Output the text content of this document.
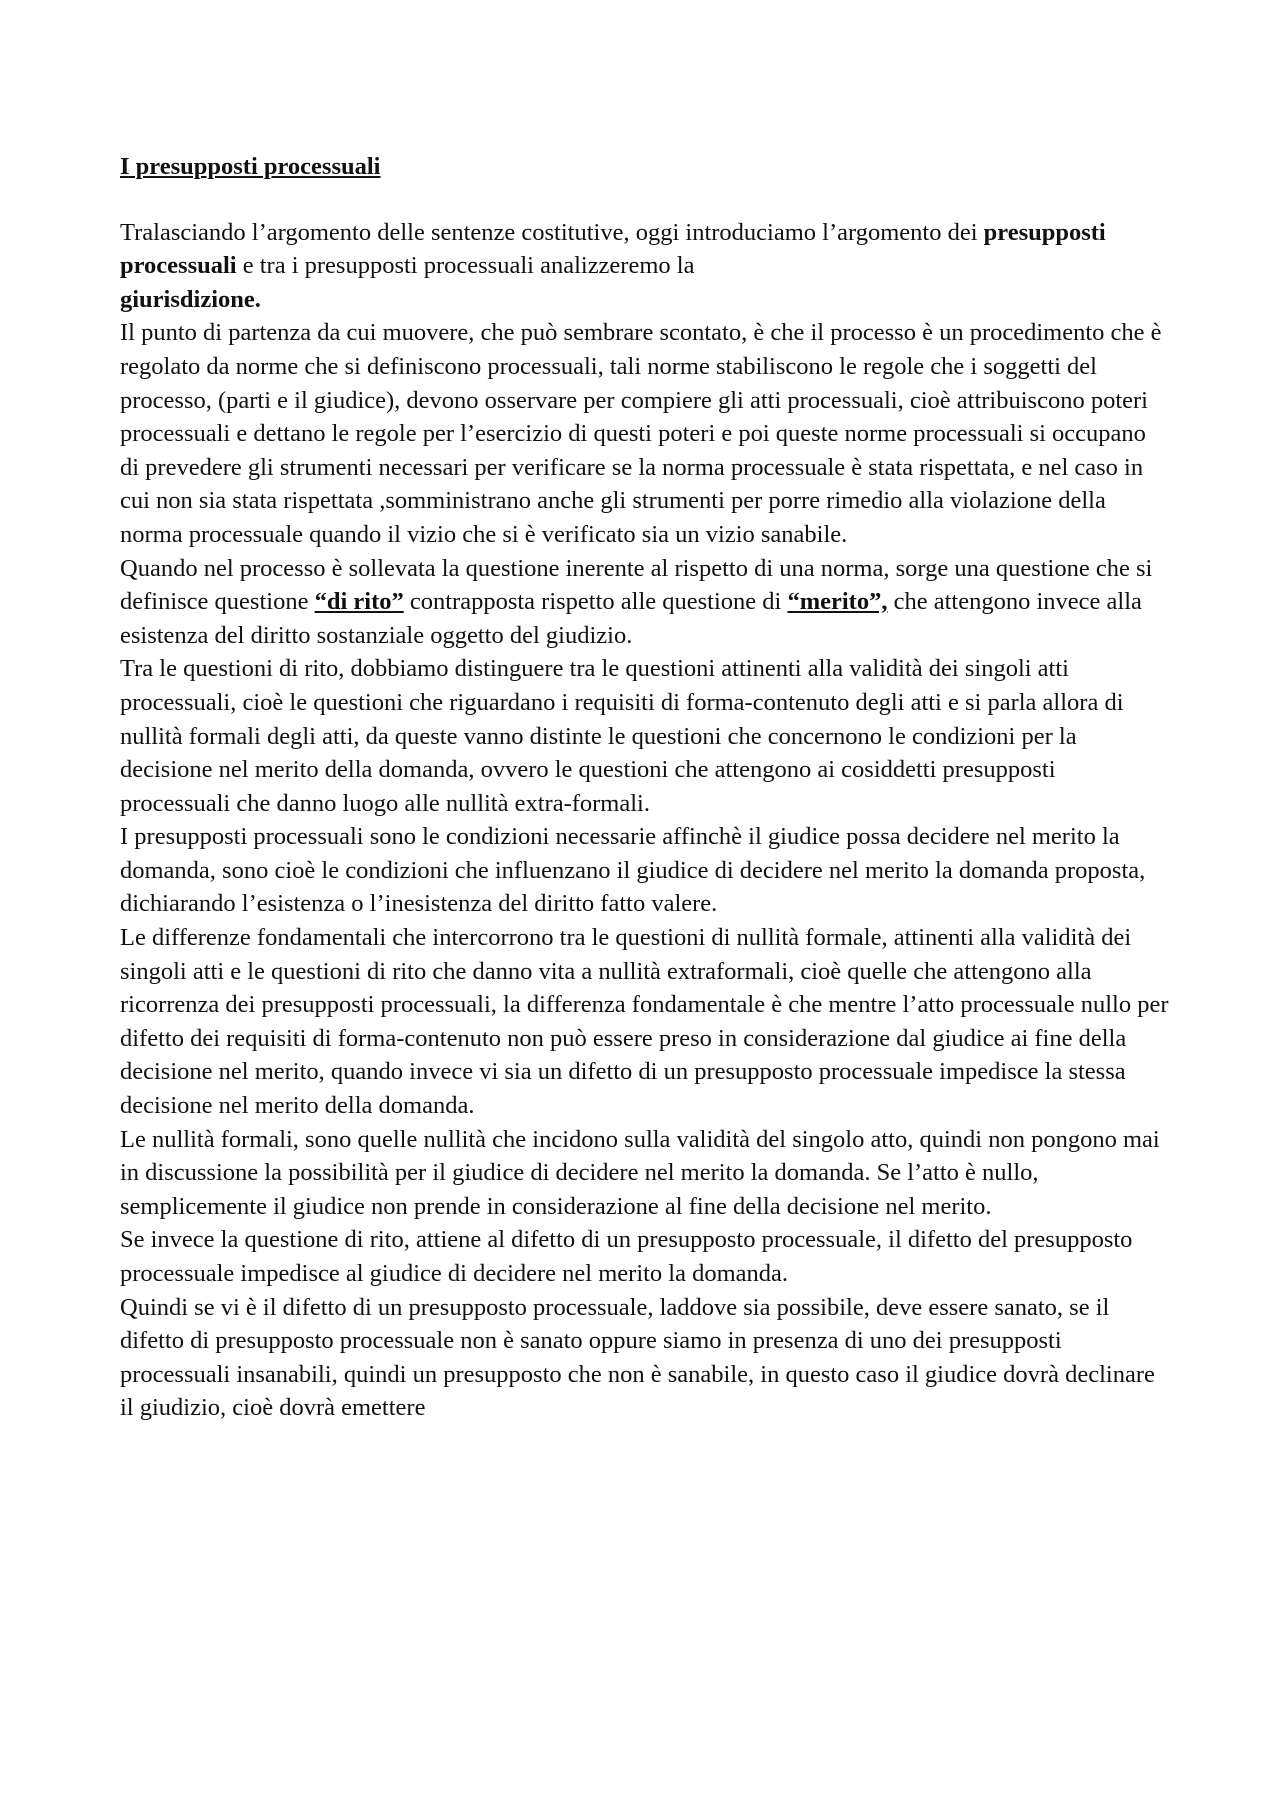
I presupposti processuali

Tralasciando l’argomento delle sentenze costitutive, oggi introduciamo l’argomento dei presupposti processuali e tra i presupposti processuali analizzeremo la
giurisdizione.

Il punto di partenza da cui muovere, che può sembrare scontato, è che il processo è un procedimento che è regolato da norme che si definiscono processuali, tali norme stabiliscono le regole che i soggetti del processo, (parti e il giudice), devono osservare per compiere gli atti processuali, cioè attribuiscono poteri processuali e dettano le regole per l’esercizio di questi poteri e poi queste norme processuali si occupano di prevedere gli strumenti necessari per verificare se la norma processuale è stata rispettata, e nel caso in cui non sia stata rispettata ,somministrano anche gli strumenti per porre rimedio alla violazione della norma processuale quando il vizio che si è verificato sia un vizio sanabile.

Quando nel processo è sollevata la questione inerente al rispetto di una norma, sorge una questione che si definisce questione “di rito” contrapposta rispetto alle questione di “merito”, che attengono invece alla esistenza del diritto sostanziale oggetto del giudizio.

Tra le questioni di rito, dobbiamo distinguere tra le questioni attinenti alla validità dei singoli atti processuali, cioè le questioni che riguardano i requisiti di forma-contenuto degli atti e si parla allora di nullità formali degli atti, da queste vanno distinte le questioni che concernono le condizioni per la decisione nel merito della domanda, ovvero le questioni che attengono ai cosiddetti presupposti processuali che danno luogo alle nullità extra-formali.

I presupposti processuali sono le condizioni necessarie affinchè il giudice possa decidere nel merito la domanda, sono cioè le condizioni che influenzano il giudice di decidere nel merito la domanda proposta, dichiarando l’esistenza o l’inesistenza del diritto fatto valere.

Le differenze fondamentali che intercorrono tra le questioni di nullità formale, attinenti alla validità dei singoli atti e le questioni di rito che danno vita a nullità extraformali, cioè quelle che attengono alla ricorrenza dei presupposti processuali, la differenza fondamentale è che mentre l’atto processuale nullo per difetto dei requisiti di forma-contenuto non può essere preso in considerazione dal giudice ai fine della decisione nel merito, quando invece vi sia un difetto di un presupposto processuale impedisce la stessa decisione nel merito della domanda.

Le nullità formali, sono quelle nullità che incidono sulla validità del singolo atto, quindi non pongono mai in discussione la possibilità per il giudice di decidere nel merito la domanda. Se l’atto è nullo, semplicemente il giudice non prende in considerazione al fine della decisione nel merito.

Se invece la questione di rito, attiene al difetto di un presupposto processuale, il difetto del presupposto processuale impedisce al giudice di decidere nel merito la domanda.

Quindi se vi è il difetto di un presupposto processuale, laddove sia possibile, deve essere sanato, se il difetto di presupposto processuale non è sanato oppure siamo in presenza di uno dei presupposti processuali insanabili, quindi un presupposto che non è sanabile, in questo caso il giudice dovrà declinare il giudizio, cioè dovrà emettere
